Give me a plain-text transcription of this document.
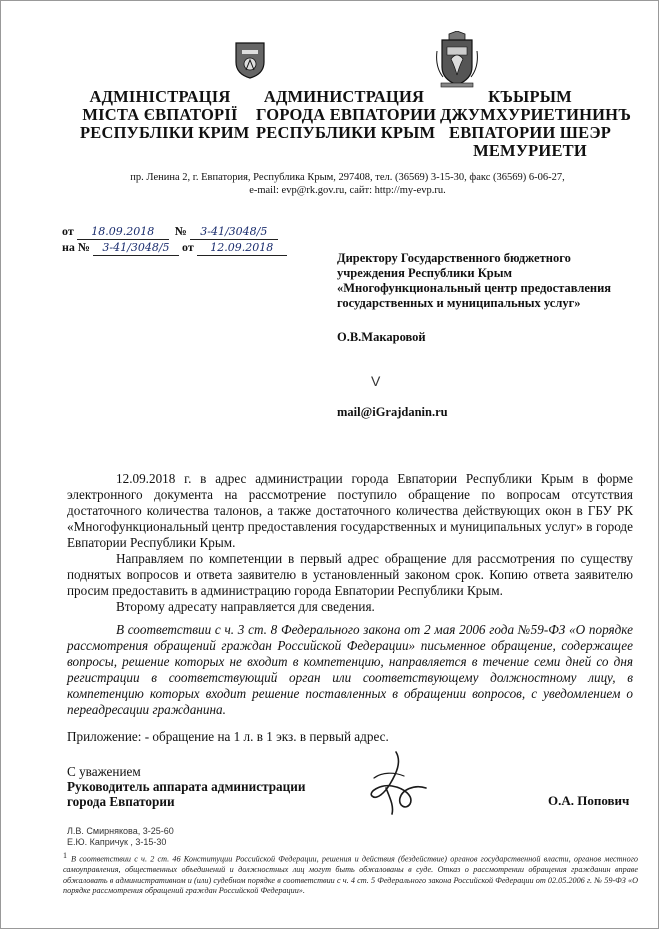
АДМІНІСТРАЦІЯ
МІСТА ЄВПАТОРІЇ
РЕСПУБЛІКИ КРИМ
АДМИНИСТРАЦИЯ
ГОРОДА ЕВПАТОРИИ
РЕСПУБЛИКИ КРЫМ
КЪЫРЫМ
ДЖУМХУРИЕТИНИНЪ
ЕВПАТОРИИ ШЕЭР
МЕМУРИЕТИ
пр. Ленина 2, г. Евпатория, Республика Крым, 297408, тел. (36569) 3-15-30, факс (36569) 6-06-27,
e-mail: evp@rk.gov.ru, сайт: http://my-evp.ru.
от 18.09.2018 № 3-41/3048/5
на № 3-41/3048/5 от 12.09.2018
Директору Государственного бюджетного
учреждения Республики Крым
«Многофункциональный центр предоставления
государственных и муниципальных услуг»
О.В.Макаровой
V
mail@iGrajdanin.ru

12.09.2018 г. в адрес администрации города Евпатории Республики Крым в форме электронного документа на рассмотрение поступило обращение по вопросам отсутствия достаточного количества талонов, а также достаточного количества действующих окон в ГБУ РК «Многофункциональный центр предоставления государственных и муниципальных услуг» в городе Евпатории Республики Крым.

Направляем по компетенции в первый адрес обращение для рассмотрения по существу поднятых вопросов и ответа заявителю в установленный законом срок. Копию ответа заявителю просим предоставить в администрацию города Евпатории Республики Крым.

Второму адресату направляется для сведения.

В соответствии с ч. 3 ст. 8 Федерального закона от 2 мая 2006 года №59-ФЗ «О порядке рассмотрения обращений граждан Российской Федерации» письменное обращение, содержащее вопросы, решение которых не входит в компетенцию, направляется в течение семи дней со дня регистрации в соответствующий орган или соответствующему должностному лицу, в компетенцию которых входит решение поставленных в обращении вопросов, с уведомлением о переадресации гражданина.

Приложение: - обращение на 1 л. в 1 экз. в первый адрес.
С уважением
Руководитель аппарата администрации
города Евпатории	О.А. Попович
Л.В. Смирнякова, 3-25-60
Е.Ю. Капричук , 3-15-30
$^1$ В соответствии с ч. 2 ст. 46 Конституции Российской Федерации, решения и действия (бездействие) органов государственной власти, органов местного самоуправления, общественных объединений и должностных лиц могут быть обжалованы в суде. Отказ о рассмотрении обращения гражданин вправе обжаловать в административном и (или) судебном порядке в соответствии с ч. 4 ст. 5 Федерального закона Российской Федерации от 02.05.2006 г. № 59-ФЗ «О порядке рассмотрения обращений граждан Российской Федерации».
